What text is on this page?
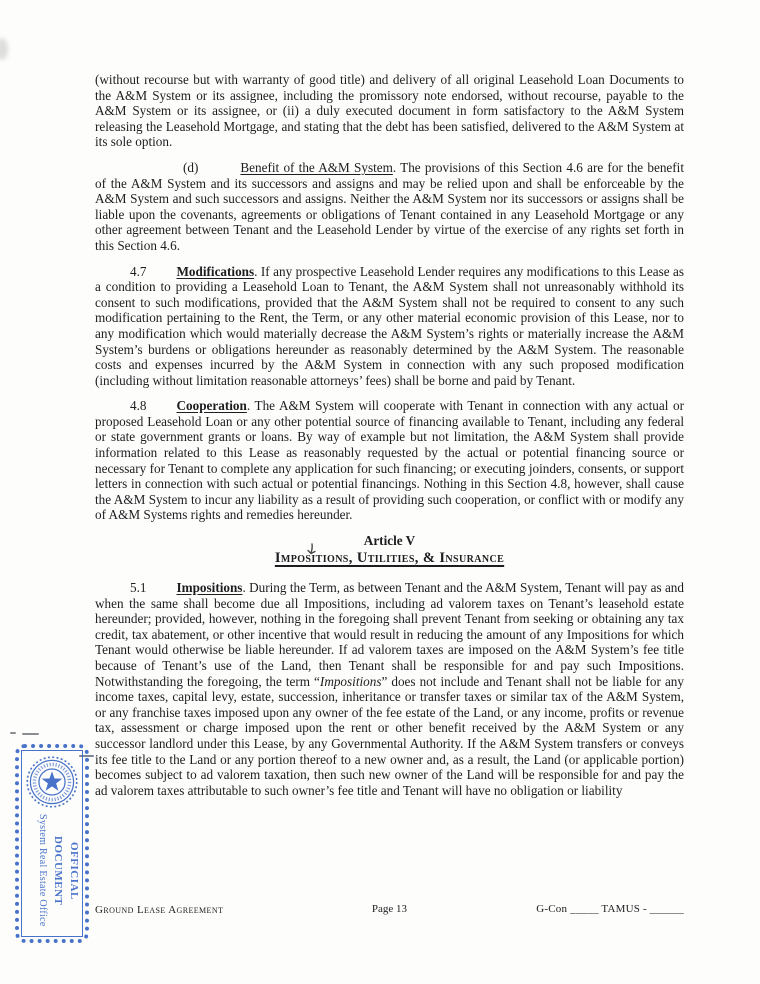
(without recourse but with warranty of good title) and delivery of all original Leasehold Loan Documents to the A&M System or its assignee, including the promissory note endorsed, without recourse, payable to the A&M System or its assignee, or (ii) a duly executed document in form satisfactory to the A&M System releasing the Leasehold Mortgage, and stating that the debt has been satisfied, delivered to the A&M System at its sole option.

(d)	Benefit of the A&M System. The provisions of this Section 4.6 are for the benefit of the A&M System and its successors and assigns and may be relied upon and shall be enforceable by the A&M System and such successors and assigns. Neither the A&M System nor its successors or assigns shall be liable upon the covenants, agreements or obligations of Tenant contained in any Leasehold Mortgage or any other agreement between Tenant and the Leasehold Lender by virtue of the exercise of any rights set forth in this Section 4.6.

4.7 Modifications. If any prospective Leasehold Lender requires any modifications to this Lease as a condition to providing a Leasehold Loan to Tenant, the A&M System shall not unreasonably withhold its consent to such modifications, provided that the A&M System shall not be required to consent to any such modification pertaining to the Rent, the Term, or any other material economic provision of this Lease, nor to any modification which would materially decrease the A&M System’s rights or materially increase the A&M System’s burdens or obligations hereunder as reasonably determined by the A&M System. The reasonable costs and expenses incurred by the A&M System in connection with any such proposed modification (including without limitation reasonable attorneys’ fees) shall be borne and paid by Tenant.

4.8 Cooperation. The A&M System will cooperate with Tenant in connection with any actual or proposed Leasehold Loan or any other potential source of financing available to Tenant, including any federal or state government grants or loans. By way of example but not limitation, the A&M System shall provide information related to this Lease as reasonably requested by the actual or potential financing source or necessary for Tenant to complete any application for such financing; or executing joinders, consents, or support letters in connection with such actual or potential financings. Nothing in this Section 4.8, however, shall cause the A&M System to incur any liability as a result of providing such cooperation, or conflict with or modify any of A&M Systems rights and remedies hereunder.

Article V
Impositions, Utilities, & Insurance

5.1 Impositions. During the Term, as between Tenant and the A&M System, Tenant will pay as and when the same shall become due all Impositions, including ad valorem taxes on Tenant’s leasehold estate hereunder; provided, however, nothing in the foregoing shall prevent Tenant from seeking or obtaining any tax credit, tax abatement, or other incentive that would result in reducing the amount of any Impositions for which Tenant would otherwise be liable hereunder. If ad valorem taxes are imposed on the A&M System’s fee title because of Tenant’s use of the Land, then Tenant shall be responsible for and pay such Impositions. Notwithstanding the foregoing, the term “Impositions” does not include and Tenant shall not be liable for any income taxes, capital levy, estate, succession, inheritance or transfer taxes or similar tax of the A&M System, or any franchise taxes imposed upon any owner of the fee estate of the Land, or any income, profits or revenue tax, assessment or charge imposed upon the rent or other benefit received by the A&M System or any successor landlord under this Lease, by any Governmental Authority. If the A&M System transfers or conveys its fee title to the Land or any portion thereof to a new owner and, as a result, the Land (or applicable portion) becomes subject to ad valorem taxation, then such new owner of the Land will be responsible for and pay the ad valorem taxes attributable to such owner’s fee title and Tenant will have no obligation or liability

OFFICIAL DOCUMENT
System Real Estate Office	Page 13
Ground Lease Agreement	G-Con _____ TAMUS - ______
